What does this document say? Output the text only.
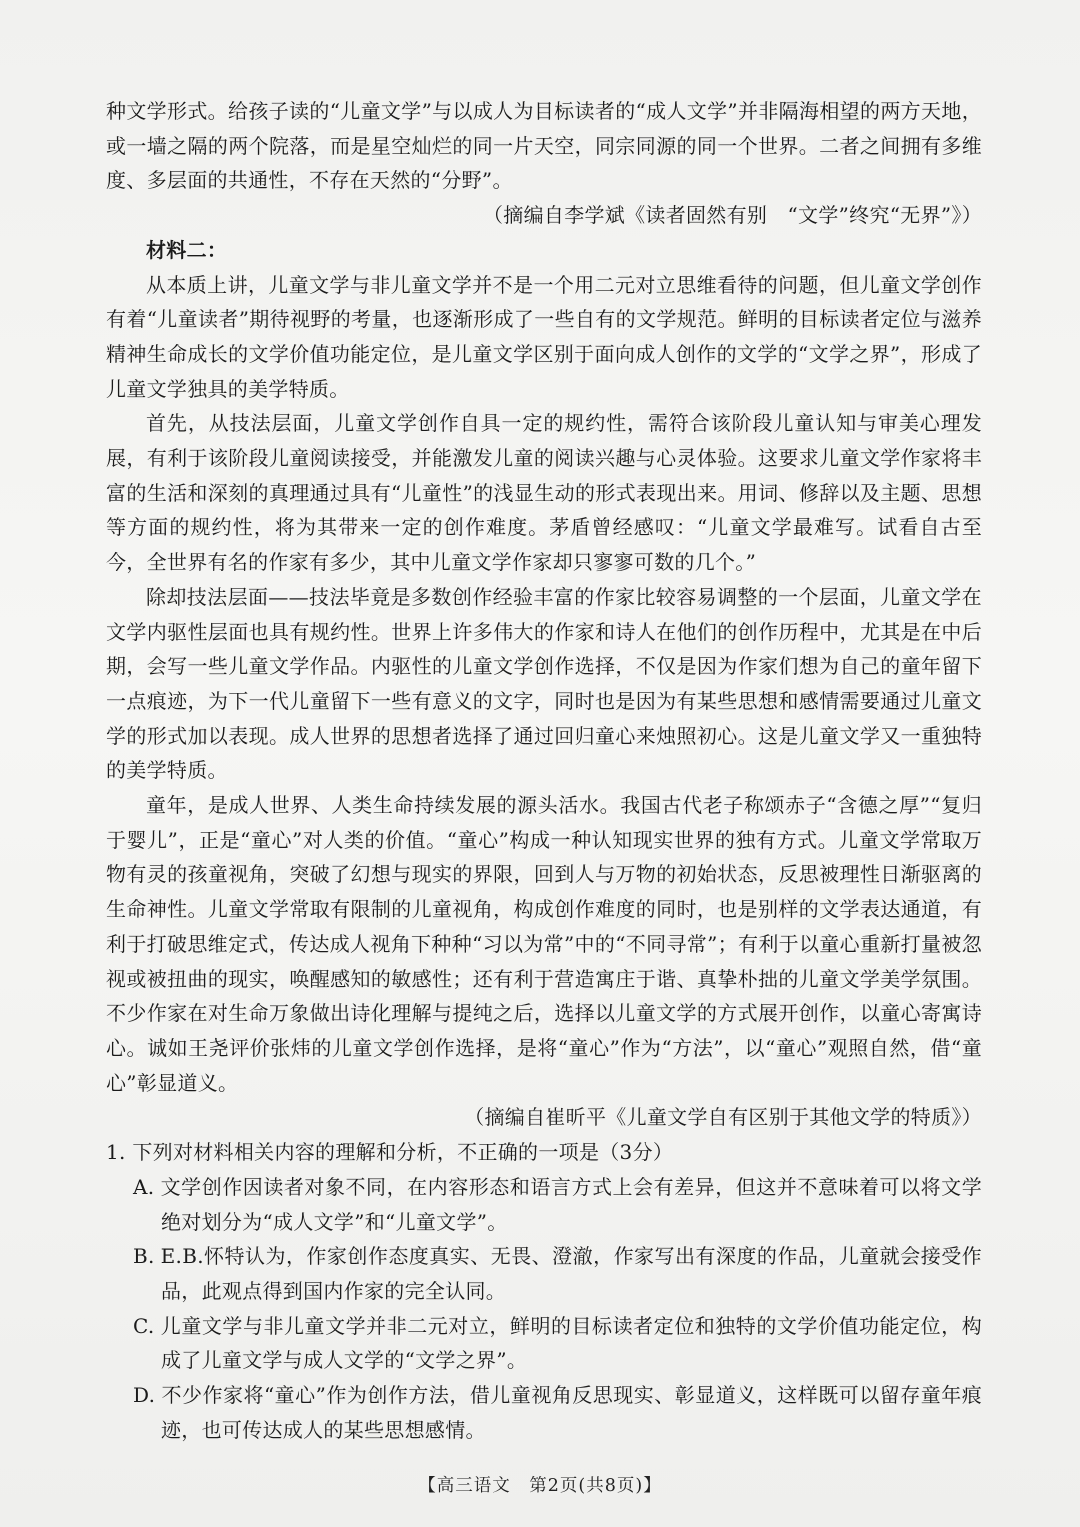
种文学形式。给孩子读的“儿童文学”与以成人为目标读者的“成人文学”并非隔海相望的两方天地，或一墙之隔的两个院落，而是星空灿烂的同一片天空，同宗同源的同一个世界。二者之间拥有多维度、多层面的共通性，不存在天然的“分野”。

（摘编自李学斌《读者固然有别　“文学”终究“无界”》）

材料二：

从本质上讲，儿童文学与非儿童文学并不是一个用二元对立思维看待的问题，但儿童文学创作有着“儿童读者”期待视野的考量，也逐渐形成了一些自有的文学规范。鲜明的目标读者定位与滋养精神生命成长的文学价值功能定位，是儿童文学区别于面向成人创作的文学的“文学之界”，形成了儿童文学独具的美学特质。

首先，从技法层面，儿童文学创作自具一定的规约性，需符合该阶段儿童认知与审美心理发展，有利于该阶段儿童阅读接受，并能激发儿童的阅读兴趣与心灵体验。这要求儿童文学作家将丰富的生活和深刻的真理通过具有“儿童性”的浅显生动的形式表现出来。用词、修辞以及主题、思想等方面的规约性，将为其带来一定的创作难度。茅盾曾经感叹：“儿童文学最难写。试看自古至今，全世界有名的作家有多少，其中儿童文学作家却只寥寥可数的几个。”

除却技法层面——技法毕竟是多数创作经验丰富的作家比较容易调整的一个层面，儿童文学在文学内驱性层面也具有规约性。世界上许多伟大的作家和诗人在他们的创作历程中，尤其是在中后期，会写一些儿童文学作品。内驱性的儿童文学创作选择，不仅是因为作家们想为自己的童年留下一点痕迹，为下一代儿童留下一些有意义的文字，同时也是因为有某些思想和感情需要通过儿童文学的形式加以表现。成人世界的思想者选择了通过回归童心来烛照初心。这是儿童文学又一重独特的美学特质。

童年，是成人世界、人类生命持续发展的源头活水。我国古代老子称颂赤子“含德之厚”“复归于婴儿”，正是“童心”对人类的价值。“童心”构成一种认知现实世界的独有方式。儿童文学常取万物有灵的孩童视角，突破了幻想与现实的界限，回到人与万物的初始状态，反思被理性日渐驱离的生命神性。儿童文学常取有限制的儿童视角，构成创作难度的同时，也是别样的文学表达通道，有利于打破思维定式，传达成人视角下种种“习以为常”中的“不同寻常”；有利于以童心重新打量被忽视或被扭曲的现实，唤醒感知的敏感性；还有利于营造寓庄于谐、真挚朴拙的儿童文学美学氛围。不少作家在对生命万象做出诗化理解与提纯之后，选择以儿童文学的方式展开创作，以童心寄寓诗心。诚如王尧评价张炜的儿童文学创作选择，是将“童心”作为“方法”，以“童心”观照自然，借“童心”彰显道义。

（摘编自崔昕平《儿童文学自有区别于其他文学的特质》）

1. 下列对材料相关内容的理解和分析，不正确的一项是（3分）

A. 文学创作因读者对象不同，在内容形态和语言方式上会有差异，但这并不意味着可以将文学绝对划分为“成人文学”和“儿童文学”。

B. E.B.怀特认为，作家创作态度真实、无畏、澄澈，作家写出有深度的作品，儿童就会接受作品，此观点得到国内作家的完全认同。

C. 儿童文学与非儿童文学并非二元对立，鲜明的目标读者定位和独特的文学价值功能定位，构成了儿童文学与成人文学的“文学之界”。

D. 不少作家将“童心”作为创作方法，借儿童视角反思现实、彰显道义，这样既可以留存童年痕迹，也可传达成人的某些思想感情。

【高三语文　第2页(共8页)】
